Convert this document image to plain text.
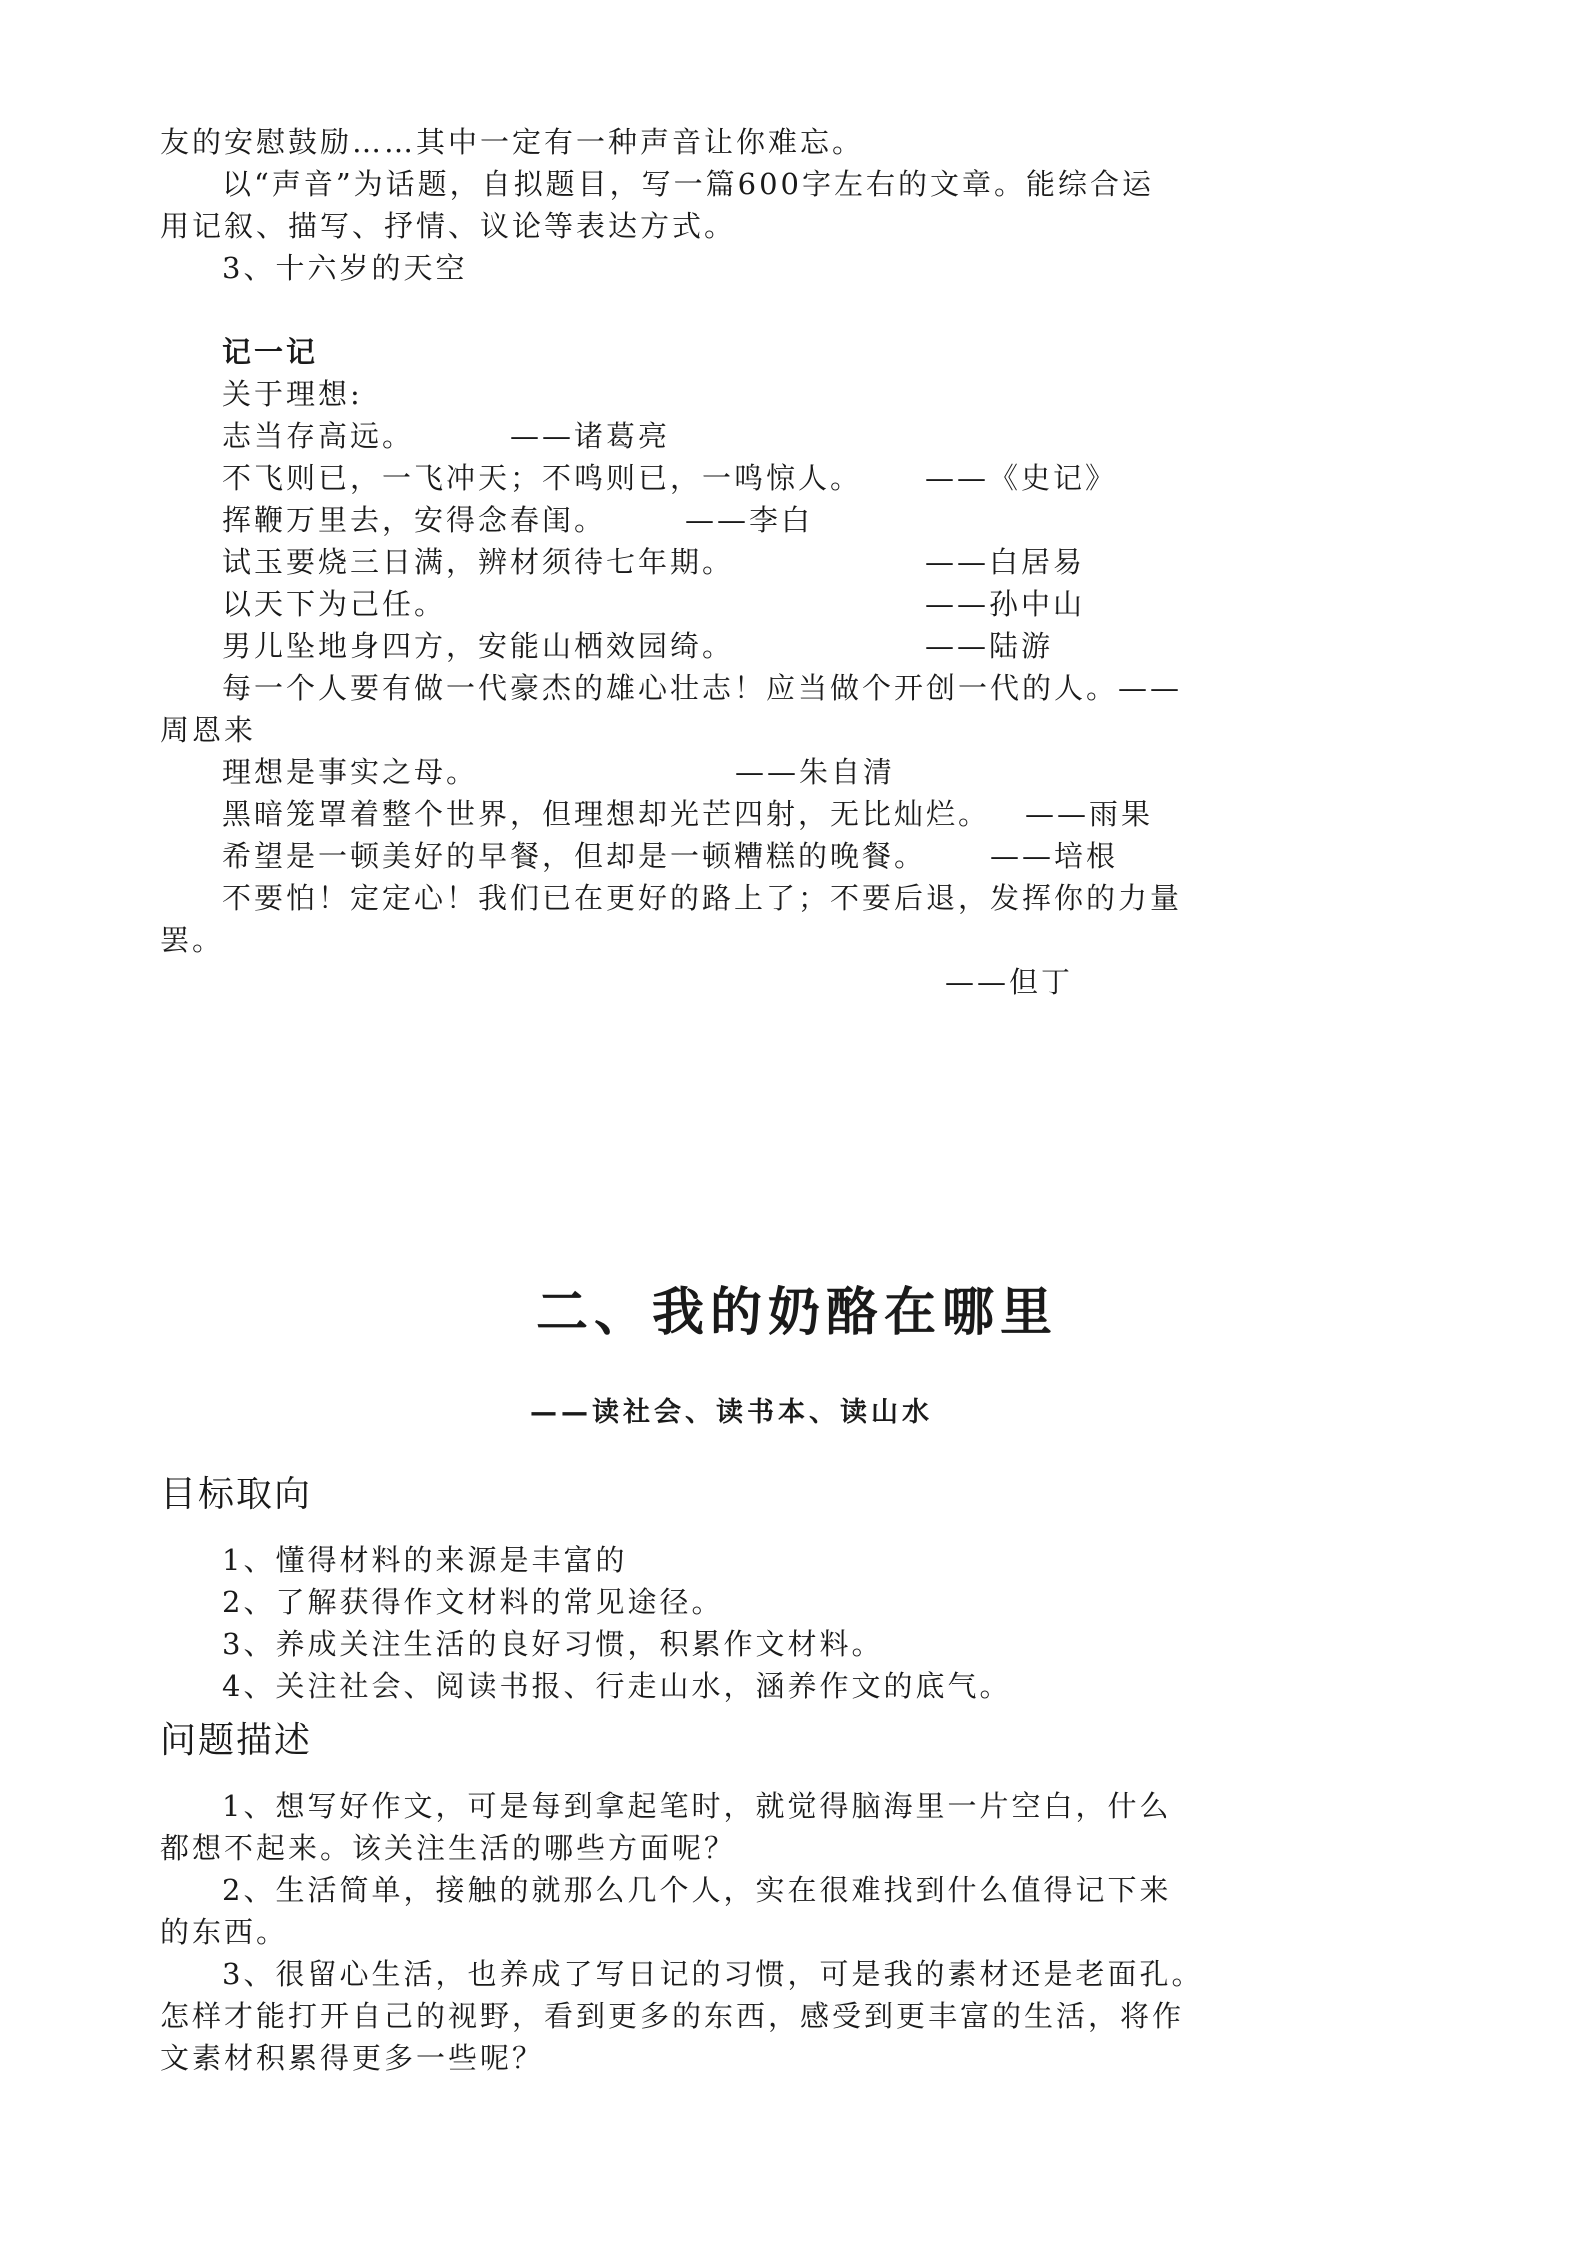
友的安慰鼓励……其中一定有一种声音让你难忘。
以“声音”为话题，自拟题目，写一篇600字左右的文章。能综合运
用记叙、描写、抒情、议论等表达方式。
3、十六岁的天空
记一记
关于理想:
志当存高远。	——诸葛亮
不飞则已，一飞冲天；不鸣则已，一鸣惊人。 ——《史记》
挥鞭万里去，安得念春闺。	——李白
试玉要烧三日满，辨材须待七年期。	——白居易
以天下为己任。	——孙中山
男儿坠地身四方，安能山栖效园绮。	——陆游
每一个人要有做一代豪杰的雄心壮志！应当做个开创一代的人。——
周恩来
理想是事实之母。	——朱自清
黑暗笼罩着整个世界，但理想却光芒四射，无比灿烂。 ——雨果
希望是一顿美好的早餐，但却是一顿糟糕的晚餐。 ——培根
不要怕！定定心！我们已在更好的路上了；不要后退，发挥你的力量
罢。
——但丁
二、我的奶酪在哪里
——读社会、读书本、读山水
目标取向
1、懂得材料的来源是丰富的
2、了解获得作文材料的常见途径。
3、养成关注生活的良好习惯，积累作文材料。
4、关注社会、阅读书报、行走山水，涵养作文的底气。
问题描述
1、想写好作文，可是每到拿起笔时，就觉得脑海里一片空白，什么
都想不起来。该关注生活的哪些方面呢？
2、生活简单，接触的就那么几个人，实在很难找到什么值得记下来
的东西。
3、很留心生活，也养成了写日记的习惯，可是我的素材还是老面孔。
怎样才能打开自己的视野，看到更多的东西，感受到更丰富的生活，将作
文素材积累得更多一些呢？
